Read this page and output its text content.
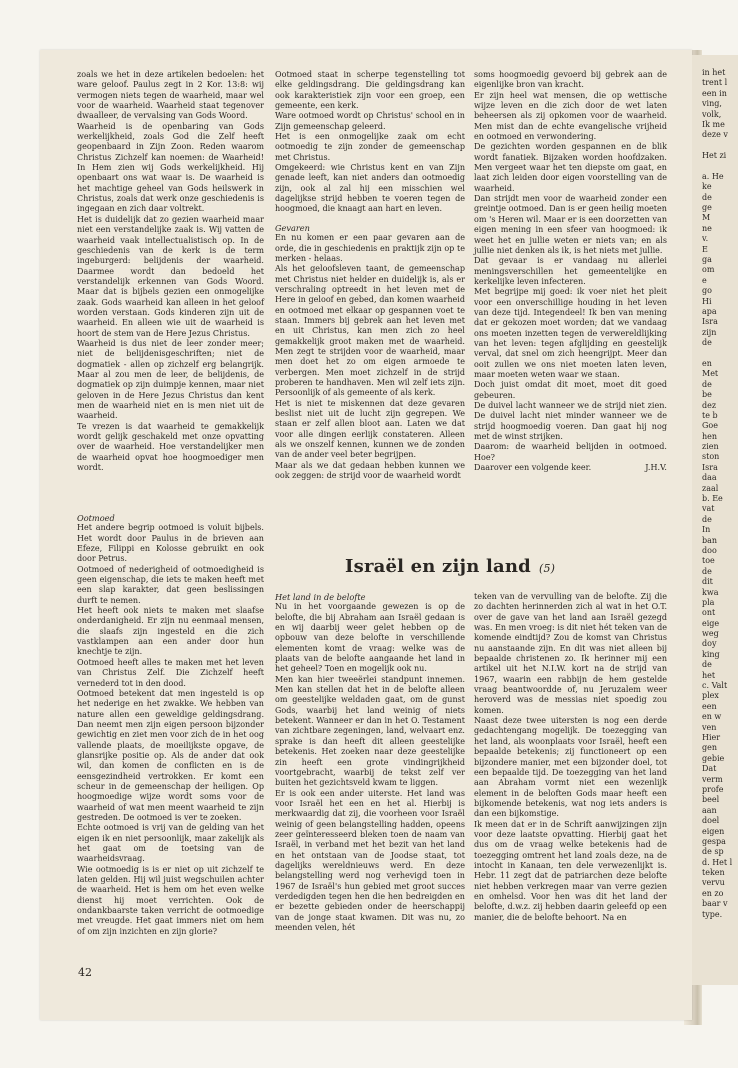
zoals we het in deze artikelen bedoelen: het ware geloof. Paulus zegt in 2 Kor. 13:8: wij vermogen niets tegen de waarheid, maar wel voor de waarheid. Waarheid staat tegenover dwaalleer, de vervalsing van Gods Woord.

Waarheid is de openbaring van Gods werkelijkheid, zoals God die Zelf heeft geopenbaard in Zijn Zoon. Reden waarom Christus Zichzelf kan noemen: de Waarheid! In Hem zien wij Gods werkelijkheid. Hij openbaart ons wat waar is. De waarheid is het machtige geheel van Gods heilswerk in Christus, zoals dat werk onze geschiedenis is ingegaan en zich daar voltrekt.

Het is duidelijk dat zo gezien waarheid maar niet een verstandelijke zaak is. Wij vatten de waarheid vaak intellectualistisch op. In de geschiedenis van de kerk is de term ingeburgerd: belijdenis der waarheid. Daarmee wordt dan bedoeld het verstandelijk erkennen van Gods Woord. Maar dat is bijbels gezien een onmogelijke zaak. Gods waarheid kan alleen in het geloof worden verstaan. Gods kinderen zijn uit de waarheid. En alleen wie uit de waarheid is hoort de stem van de Here Jezus Christus.

Waarheid is dus niet de leer zonder meer; niet de belijdenisgeschriften; niet de dogmatiek - allen op zichzelf erg belangrijk. Maar al zou men de leer, de belijdenis, de dogmatiek op zijn duimpje kennen, maar niet geloven in de Here Jezus Christus dan kent men de waarheid niet en is men niet uit de waarheid.

Te vrezen is dat waarheid te gemakkelijk wordt gelijk geschakeld met onze opvatting over de waarheid. Hoe verstandelijker men de waarheid opvat hoe hoogmoediger men wordt.

Ootmoed staat in scherpe tegenstelling tot elke geldingsdrang. Die geldingsdrang kan ook karakteristiek zijn voor een groep, een gemeente, een kerk.

Ware ootmoed wordt op Christus' school en in Zijn gemeenschap geleerd.

Het is een onmogelijke zaak om echt ootmoedig te zijn zonder de gemeenschap met Christus.

Omgekeerd: wie Christus kent en van Zijn genade leeft, kan niet anders dan ootmoedig zijn, ook al zal hij een misschien wel dagelijkse strijd hebben te voeren tegen de hoogmoed, die knaagt aan hart en leven.

Gevaren

En nu komen er een paar gevaren aan de orde, die in geschiedenis en praktijk zijn op te merken - helaas.

Als het geloofsleven taant, de gemeenschap met Christus niet helder en duidelijk is, als er verschraling optreedt in het leven met de Here in geloof en gebed, dan komen waarheid en ootmoed met elkaar op gespannen voet te staan. Immers bij gebrek aan het leven met en uit Christus, kan men zich zo heel gemakkelijk groot maken met de waarheid. Men zegt te strijden voor de waarheid, maar men doet het zo om eigen armoede te verbergen. Men moet zichzelf in de strijd proberen te handhaven. Men wil zelf iets zijn. Persoonlijk of als gemeente of als kerk.

Het is niet te miskennen dat deze gevaren beslist niet uit de lucht zijn gegrepen. We staan er zelf allen bloot aan. Laten we dat voor alle dingen eerlijk constateren. Alleen als we onszelf kennen, kunnen we de zonden van de ander veel beter begrijpen.

Maar als we dat gedaan hebben kunnen we ook zeggen: de strijd voor de waarheid wordt

soms hoogmoedig gevoerd bij gebrek aan de eigenlijke bron van kracht.

Er zijn heel wat mensen, die op wettische wijze leven en die zich door de wet laten beheersen als zij opkomen voor de waarheid. Men mist dan de echte evangelische vrijheid en ootmoed en verwondering.

De gezichten worden gespannen en de blik wordt fanatiek. Bijzaken worden hoofdzaken. Men vergeet waar het ten diepste om gaat, en laat zich leiden door eigen voorstelling van de waarheid.

Dan strijdt men voor de waarheid zonder een greintje ootmoed. Dan is er geen heilig moeten om 's Heren wil. Maar er is een doorzetten van eigen mening in een sfeer van hoogmoed: ik weet het en jullie weten er niets van; en als jullie niet denken als ik, is het niets met jullie.

Dat gevaar is er vandaag nu allerlei meningsverschillen het gemeentelijke en kerkelijke leven infecteren.

Met begrijpe mij goed: ik voer niet het pleit voor een onverschillige houding in het leven van deze tijd. Integendeel! Ik ben van mening dat er gekozen moet worden; dat we vandaag ons moeten inzetten tegen de verwereldlijking van het leven: tegen afglijding en geestelijk verval, dat snel om zich heengrijpt. Meer dan ooit zullen we ons niet moeten laten leven, maar moeten weten waar we staan.

Doch juist omdat dit moet, moet dit goed gebeuren.

De duivel lacht wanneer we de strijd niet zien. De duivel lacht niet minder wanneer we de strijd hoogmoedig voeren. Dan gaat hij nog met de winst strijken.

Daarom: de waarheid belijden in ootmoed. Hoe?

Daarover een volgende keer.	J.H.V.
Ootmoed

Het andere begrip ootmoed is voluit bijbels. Het wordt door Paulus in de brieven aan Efeze, Filippi en Kolosse gebruikt en ook door Petrus.

Ootmoed of nederigheid of ootmoedigheid is geen eigenschap, die iets te maken heeft met een slap karakter, dat geen beslissingen durft te nemen.

Het heeft ook niets te maken met slaafse onderdanigheid. Er zijn nu eenmaal mensen, die slaafs zijn ingesteld en die zich vastklampen aan een ander door hun knechtje te zijn.

Ootmoed heeft alles te maken met het leven van Christus Zelf. Die Zichzelf heeft vernederd tot in den dood.

Ootmoed betekent dat men ingesteld is op het nederige en het zwakke. We hebben van nature allen een geweldige geldingsdrang. Dan neemt men zijn eigen persoon bijzonder gewichtig en ziet men voor zich de in het oog vallende plaats, de moeilijkste opgave, de glansrijke positie op. Als de ander dat ook wil, dan komen de conflicten en is de eensgezindheid vertrokken. Er komt een scheur in de gemeenschap der heiligen. Op hoogmoedige wijze wordt soms voor de waarheid of wat men meent waarheid te zijn gestreden. De ootmoed is ver te zoeken.

Echte ootmoed is vrij van de gelding van het eigen ik en niet persoonlijk, maar zakelijk als het gaat om de toetsing van de waarheidsvraag.

Wie ootmoedig is is er niet op uit zichzelf te laten gelden. Hij wil juist wegschuilen achter de waarheid. Het is hem om het even welke dienst hij moet verrichten. Ook de ondankbaarste taken verricht de ootmoedige met vreugde. Het gaat immers niet om hem of om zijn inzichten en zijn glorie?

Israël en zijn land (5)
Het land in de belofte

Nu in het voorgaande gewezen is op de belofte, die bij Abraham aan Israël gedaan is en wij daarbij weer gelet hebben op de opbouw van deze belofte in verschillende elementen komt de vraag: welke was de plaats van de belofte aangaande het land in het geheel? Toen en mogelijk ook nu.

Men kan hier tweeërlei standpunt innemen. Men kan stellen dat het in de belofte alleen om geestelijke weldaden gaat, om de gunst Gods, waarbij het land weinig of niets betekent. Wanneer er dan in het O. Testament van zichtbare zegeningen, land, welvaart enz. sprake is dan heeft dit alleen geestelijke betekenis. Het zoeken naar deze geestelijke zin heeft een grote vindingrijkheid voortgebracht, waarbij de tekst zelf ver buiten het gezichtsveld kwam te liggen.

Er is ook een ander uiterste. Het land was voor Israël het een en het al. Hierbij is merkwaardig dat zij, die voorheen voor Israël weinig of geen belangstelling hadden, opeens zeer geïnteresseerd bleken toen de naam van Israël, in verband met het bezit van het land en het ontstaan van de Joodse staat, tot dagelijks wereldnieuws werd. En deze belangstelling werd nog verhevigd toen in 1967 de Israël's hun gebied met groot succes verdedigden tegen hen die hen bedreigden en er bezette gebieden onder de heerschappij van de jonge staat kwamen. Dit was nu, zo meenden velen, hét

teken van de vervulling van de belofte. Zij die zo dachten herinnerden zich al wat in het O.T. over de gave van het land aan Israël gezegd was. En men vroeg: is dit niet hét teken van de komende eindtijd? Zou de komst van Christus nu aanstaande zijn. En dit was niet alleen bij bepaalde christenen zo. Ik herinner mij een artikel uit het N.I.W. kort na de strijd van 1967, waarin een rabbijn de hem gestelde vraag beantwoordde of, nu Jeruzalem weer heroverd was de messias niet spoedig zou komen.

Naast deze twee uitersten is nog een derde gedachtengang mogelijk. De toezegging van het land, als woonplaats voor Israël, heeft een bepaalde betekenis; zij functioneert op een bijzondere manier, met een bijzonder doel, tot een bepaalde tijd. De toezegging van het land aan Abraham vormt niet een wezenlijk element in de beloften Gods maar heeft een bijkomende betekenis, wat nog iets anders is dan een bijkomstige.

Ik meen dat er in de Schrift aanwijzingen zijn voor deze laatste opvatting. Hierbij gaat het dus om de vraag welke betekenis had de toezegging omtrent het land zoals deze, na de intocht in Kanaan, ten dele verwezenlijkt is. Hebr. 11 zegt dat de patriarchen deze belofte niet hebben verkregen maar van verre gezien en omhelsd. Voor hen was dit het land der belofte, d.w.z. zij hebben daarin geleefd op een manier, die de belofte behoort. Na en

in het
trent l
een in
ving,
volk,
Ik me
deze v
Het zi
a. He
ke
de
ge
M
ne
v.
E
ga
om
e
go
Hi
apa
Isra
zijn
de
en
Met
de
be
dez
te b
Goe
hen
zien
ston
Isra
daa
zaal
b. Ee
vat
de
In
ban
doo
toe
de
dit
kwa
pla
ont
eige
weg
doy
king
de
het
c. Valt
plex
een
en w
ven
Hier
gen
gebie
Dat
verm
profe
beel
aan
doel
eigen
gespa
de sp
d. Het l
teken
vervu
en zo
baar v
type.
42
